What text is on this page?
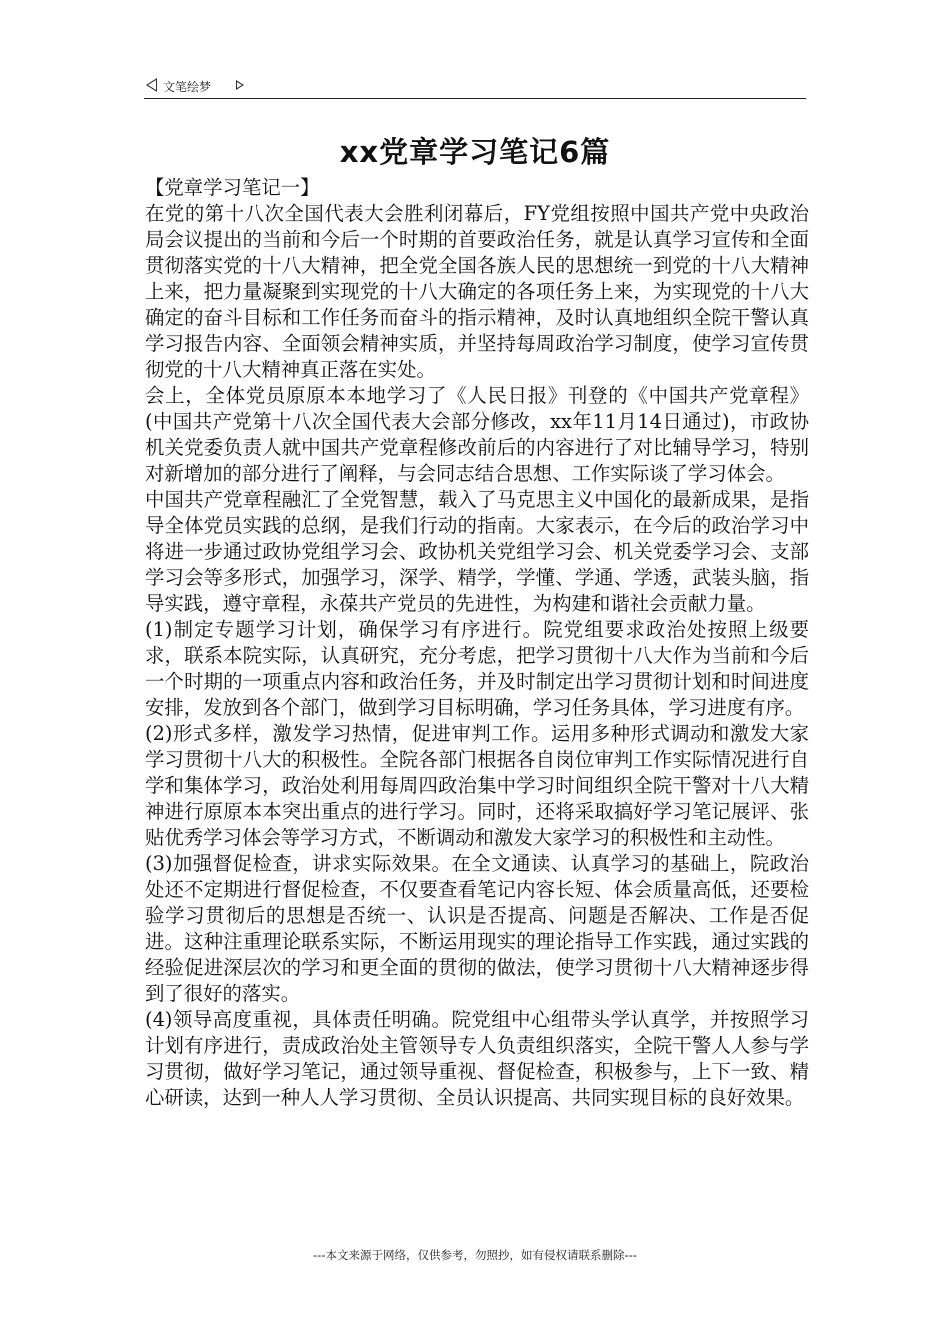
文笔绘梦
xx党章学习笔记6篇

【党章学习笔记一】

在党的第十八次全国代表大会胜利闭幕后，FY党组按照中国共产党中央政治局会议提出的当前和今后一个时期的首要政治任务，就是认真学习宣传和全面贯彻落实党的十八大精神，把全党全国各族人民的思想统一到党的十八大精神上来，把力量凝聚到实现党的十八大确定的各项任务上来，为实现党的十八大确定的奋斗目标和工作任务而奋斗的指示精神，及时认真地组织全院干警认真学习报告内容、全面领会精神实质，并坚持每周政治学习制度，使学习宣传贯彻党的十八大精神真正落在实处。

会上，全体党员原原本本地学习了《人民日报》刊登的《中国共产党章程》(中国共产党第十八次全国代表大会部分修改，xx年11月14日通过)，市政协机关党委负责人就中国共产党章程修改前后的内容进行了对比辅导学习，特别对新增加的部分进行了阐释，与会同志结合思想、工作实际谈了学习体会。

中国共产党章程融汇了全党智慧，载入了马克思主义中国化的最新成果，是指导全体党员实践的总纲，是我们行动的指南。大家表示，在今后的政治学习中将进一步通过政协党组学习会、政协机关党组学习会、机关党委学习会、支部学习会等多形式，加强学习，深学、精学，学懂、学通、学透，武装头脑，指导实践，遵守章程，永葆共产党员的先进性，为构建和谐社会贡献力量。

(1)制定专题学习计划，确保学习有序进行。院党组要求政治处按照上级要求，联系本院实际，认真研究，充分考虑，把学习贯彻十八大作为当前和今后一个时期的一项重点内容和政治任务，并及时制定出学习贯彻计划和时间进度安排，发放到各个部门，做到学习目标明确，学习任务具体，学习进度有序。

(2)形式多样，激发学习热情，促进审判工作。运用多种形式调动和激发大家学习贯彻十八大的积极性。全院各部门根据各自岗位审判工作实际情况进行自学和集体学习，政治处利用每周四政治集中学习时间组织全院干警对十八大精神进行原原本本突出重点的进行学习。同时，还将采取搞好学习笔记展评、张贴优秀学习体会等学习方式，不断调动和激发大家学习的积极性和主动性。

(3)加强督促检查，讲求实际效果。在全文通读、认真学习的基础上，院政治处还不定期进行督促检查，不仅要查看笔记内容长短、体会质量高低，还要检验学习贯彻后的思想是否统一、认识是否提高、问题是否解决、工作是否促进。这种注重理论联系实际，不断运用现实的理论指导工作实践，通过实践的经验促进深层次的学习和更全面的贯彻的做法，使学习贯彻十八大精神逐步得到了很好的落实。

(4)领导高度重视，具体责任明确。院党组中心组带头学认真学，并按照学习计划有序进行，责成政治处主管领导专人负责组织落实，全院干警人人参与学习贯彻，做好学习笔记，通过领导重视、督促检查，积极参与，上下一致、精心研读，达到一种人人学习贯彻、全员认识提高、共同实现目标的良好效果。

---本文来源于网络，仅供参考，勿照抄，如有侵权请联系删除---
